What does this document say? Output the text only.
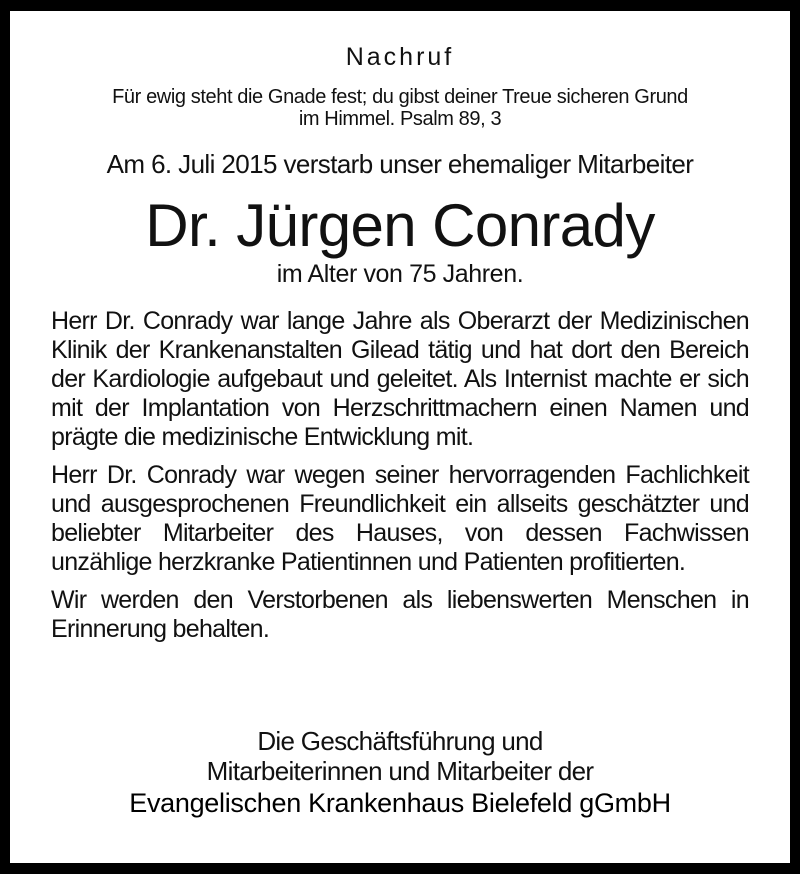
Nachruf
Für ewig steht die Gnade fest; du gibst deiner Treue sicheren Grund
im Himmel. Psalm 89, 3
Am 6. Juli 2015 verstarb unser ehemaliger Mitarbeiter
Dr. Jürgen Conrady
im Alter von 75 Jahren.

Herr Dr. Conrady war lange Jahre als Oberarzt der Medizinischen Klinik der Krankenanstalten Gilead tätig und hat dort den Bereich der Kardiologie aufgebaut und geleitet. Als Internist machte er sich mit der Implantation von Herzschrittmachern einen Namen und prägte die medizinische Entwicklung mit.

Herr Dr. Conrady war wegen seiner hervorragenden Fachlichkeit und ausgesprochenen Freundlichkeit ein allseits geschätzter und beliebter Mitarbeiter des Hauses, von dessen Fachwissen unzählige herzkranke Patientinnen und Patienten profitierten.

Wir werden den Verstorbenen als liebenswerten Menschen in Erinnerung behalten.

Die Geschäftsführung und
Mitarbeiterinnen und Mitarbeiter der
Evangelischen Krankenhaus Bielefeld gGmbH
